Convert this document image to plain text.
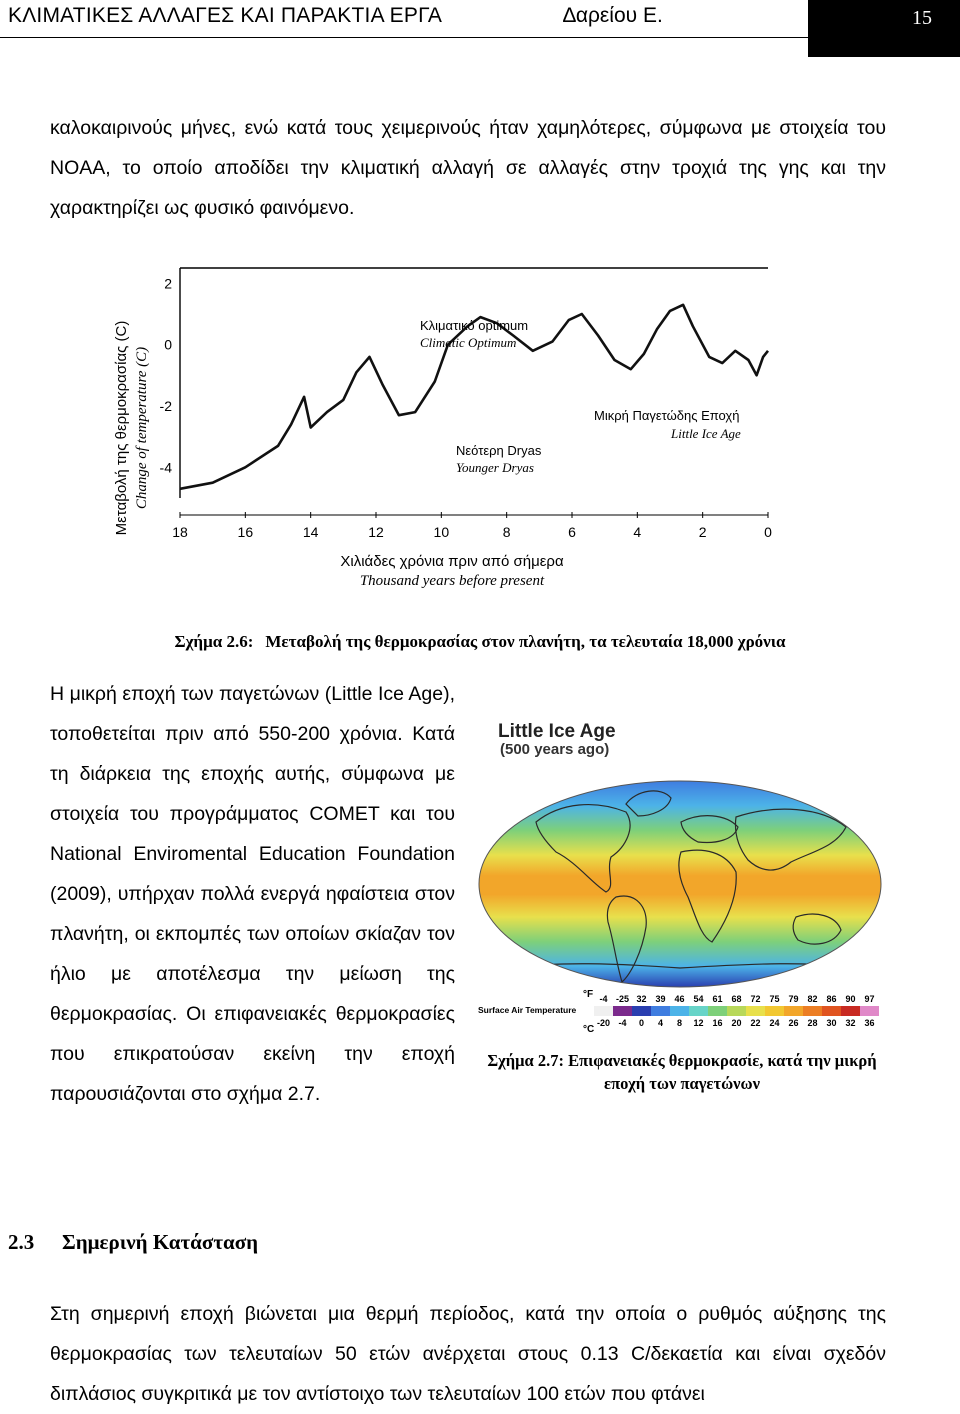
ΚΛΙΜΑΤΙΚΕΣ ΑΛΛΑΓΕΣ ΚΑΙ ΠΑΡΑΚΤΙΑ ΕΡΓΑ	∆αρείου Ε.	15

καλοκαιρινούς μήνες, ενώ κατά τους χειμερινούς ήταν χαμηλότερες, σύμφωνα με στοιχεία του NOAA, το οποίο αποδίδει την κλιματική αλλαγή σε αλλαγές στην τροχιά της γης και την χαρακτηρίζει ως φυσικό φαινόμενο.

2
0
-2
-4
18	16	14	12	10	8	6	4	2	0
Κλιματικό optimum
Climatic Optimum
Νεότερη Dryas
Younger Dryas
Μικρή Παγετώδης Εποχή
Little Ice Age
Μεταβολή της θερμοκρασίας (C) Change of temperature (C)
Χιλιάδες χρόνια πριν από σήμερα
Thousand years before present
Σχήμα 2.6: Μεταβολή της θερμοκρασίας στον πλανήτη, τα τελευταία 18,000 χρόνια

Η μικρή εποχή των παγετώνων (Little Ice Age), τοποθετείται πριν από 550-200 χρόνια. Κατά τη διάρκεια της εποχής αυτής, σύμφωνα με στοιχεία του προγράμματος COMET και του National Enviromental Education Foundation (2009), υπήρχαν πολλά ενεργά ηφαίστεια στον πλανήτη, οι εκπομπές των οποίων σκίαζαν τον ήλιο με αποτέλεσμα την μείωση της θερμοκρασίας. Οι επιφανειακές θερμοκρασίες που επικρατούσαν εκείνη την εποχή παρουσιάζονται στο σχήμα 2.7.

Little Ice Age
(500 years ago)
Surface Air Temperature
°F
°C
-4
-20
-25
-4
32
0
39
4
46
8
54
12
61
16
68
20
72
22
75
24
79
26
82
28
86
30
90
32
97
36
Σχήμα 2.7: Επιφανειακές θερμοκρασίε, κατά την μικρή εποχή των παγετώνων
2.3 Σημερινή Κατάσταση

Στη σημερινή εποχή βιώνεται μια θερμή περίοδος, κατά την οποία ο ρυθμός αύξησης της θερμοκρασίας των τελευταίων 50 ετών ανέρχεται στους 0.13 C/δεκαετία και είναι σχεδόν διπλάσιος συγκριτικά με τον αντίστοιχο των τελευταίων 100 ετών που φτάνει
